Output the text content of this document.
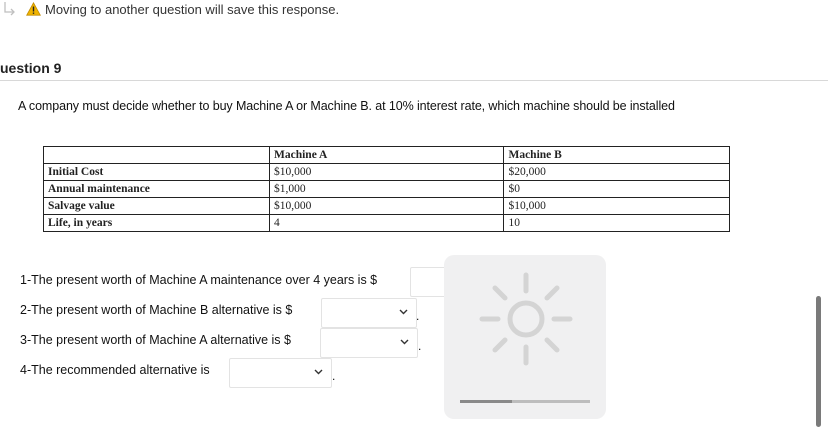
Moving to another question will save this response.
uestion 9
A company must decide whether to buy Machine A or Machine B. at 10% interest rate, which machine should be installed
	Machine A		Machine B
Initial Cost	$10,000		$20,000
Annual maintenance	$1,000		$0
Salvage value	$10,000		$10,000
Life, in years	4		10
1-The present worth of Machine A maintenance over 4 years is $
2-The present worth of Machine B alternative is $	.
3-The present worth of Machine A alternative is $	.
4-The recommended alternative is	.
